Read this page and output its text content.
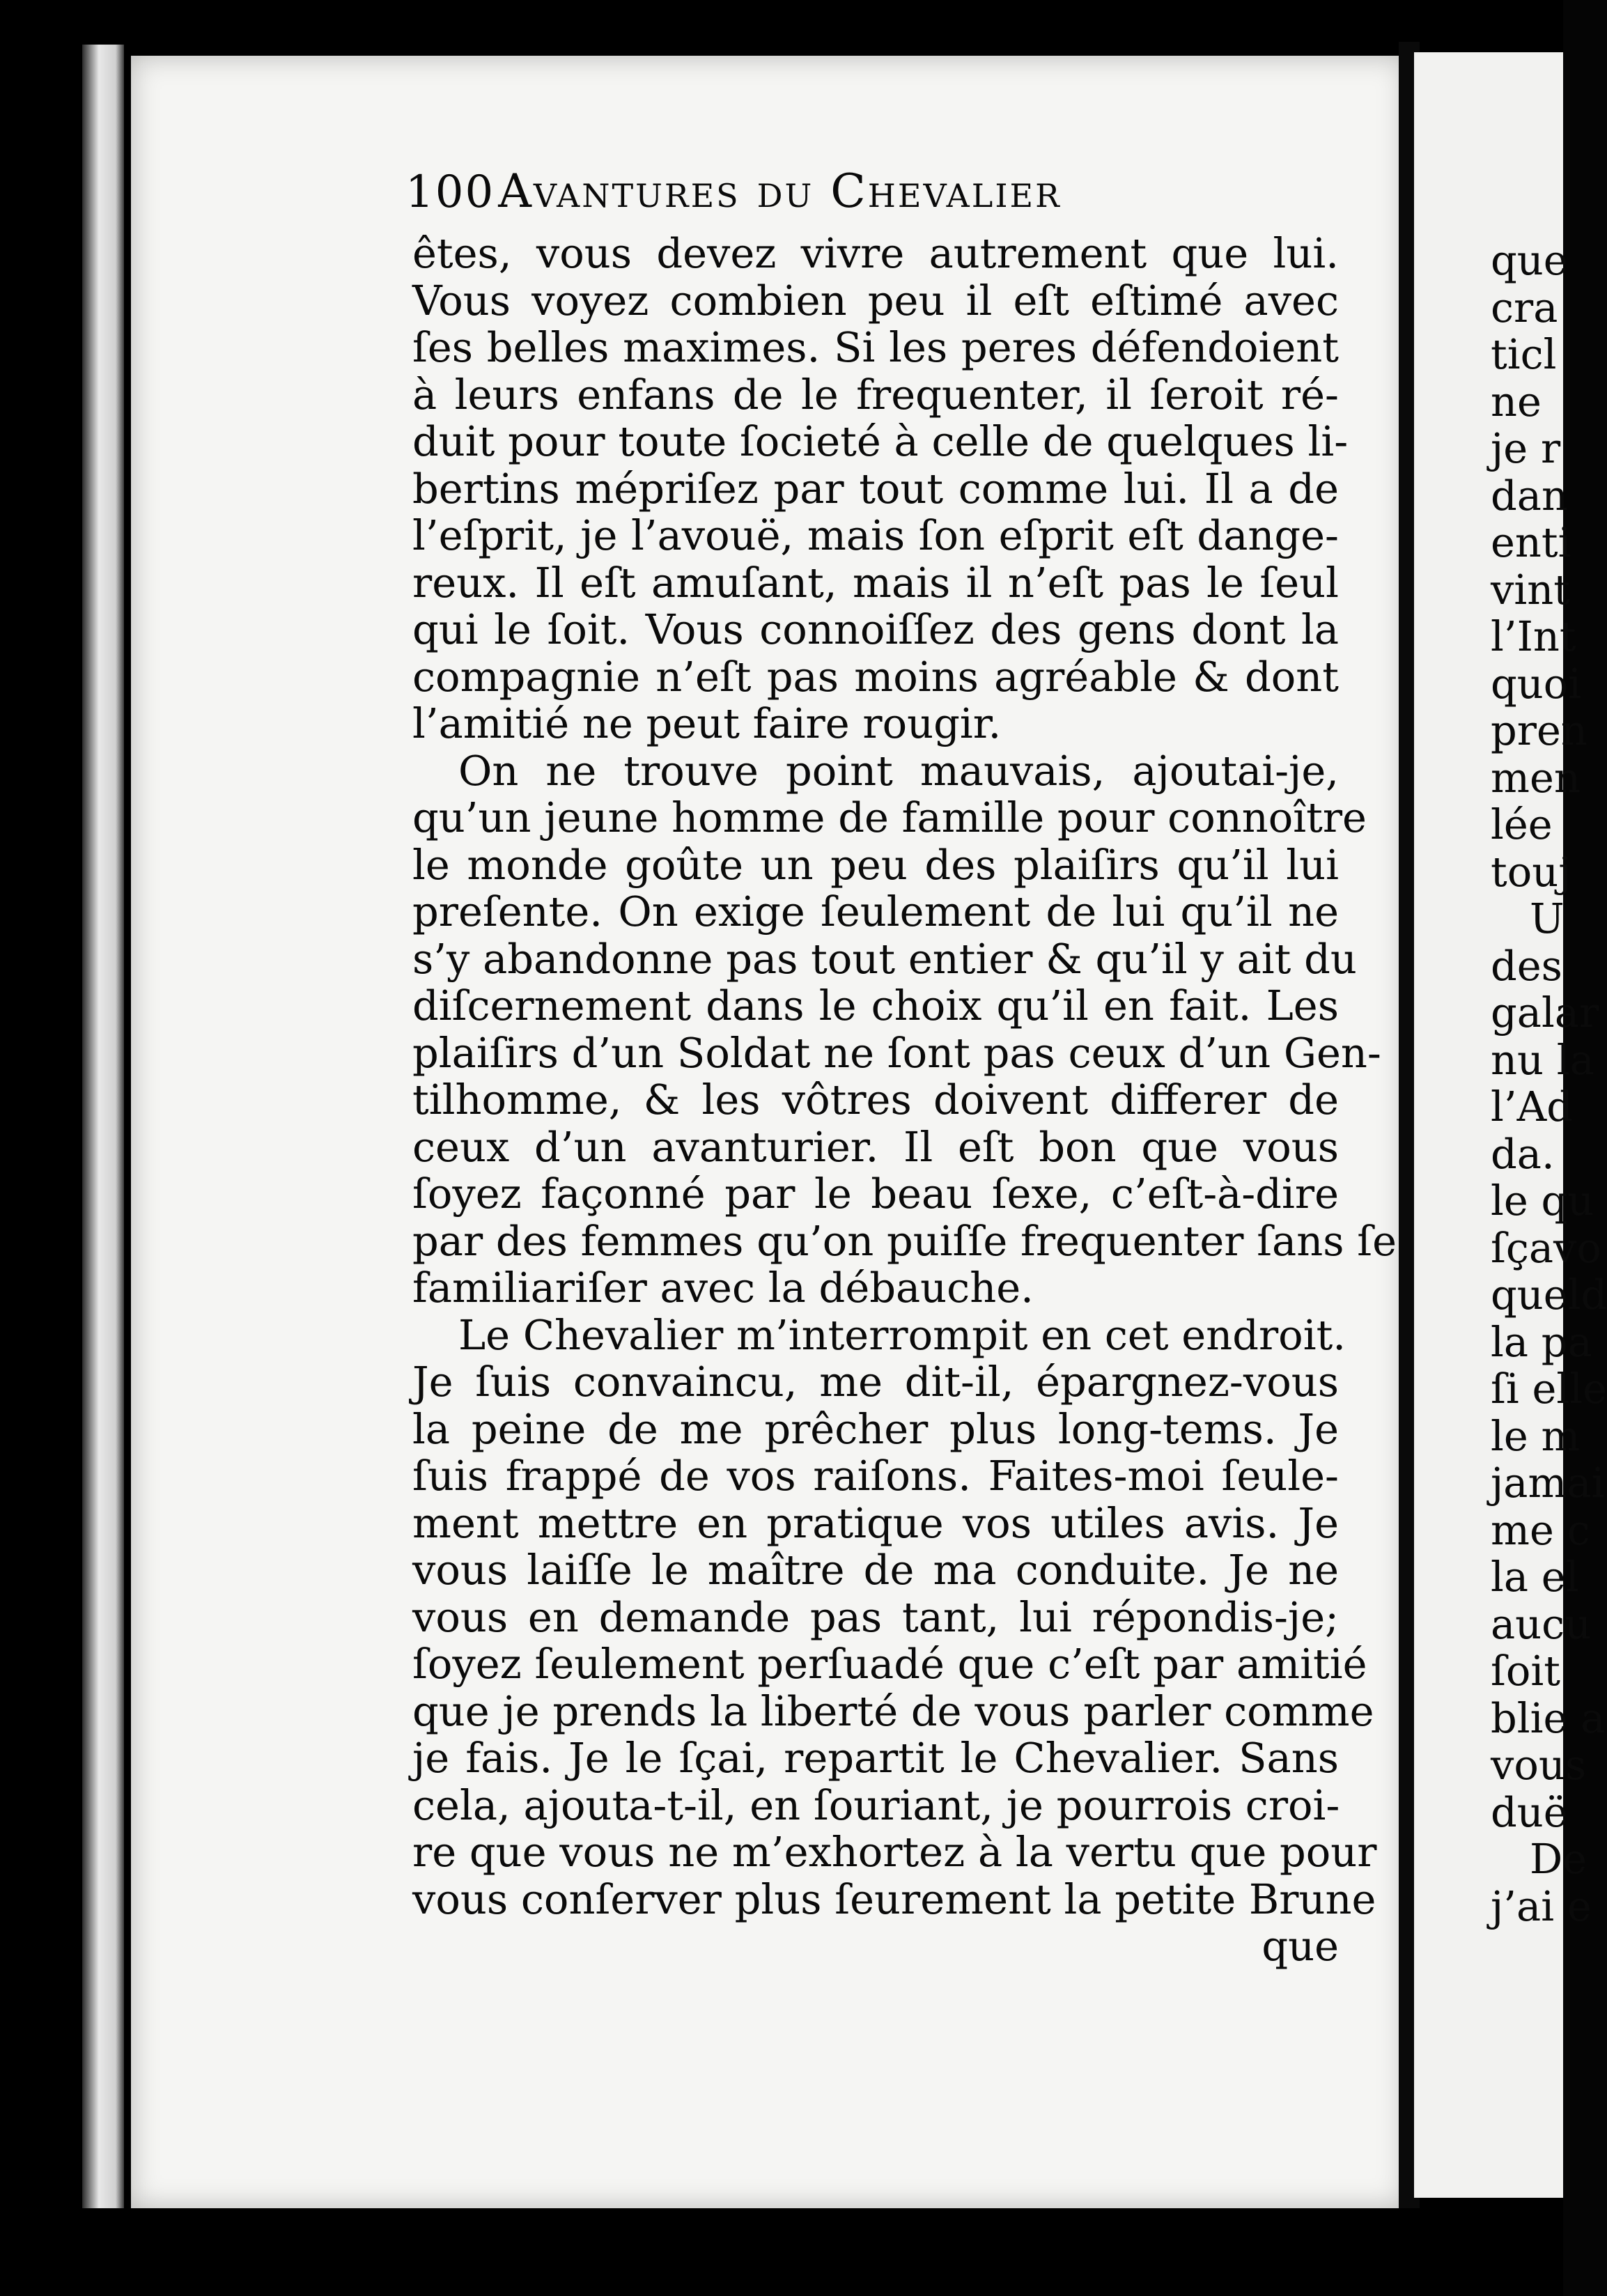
100 Avantures du Chevalier
êtes, vous devez vivre autrement que lui.
Vous voyez combien peu il eſt eſtimé avec
ſes belles maximes. Si les peres défendoient
à leurs enfans de le frequenter, il ſeroit ré-
duit pour toute ſocieté à celle de quelques li-
bertins mépriſez par tout comme lui. Il a de
l’eſprit, je l’avouë, mais ſon eſprit eſt dange-
reux. Il eſt amuſant, mais il n’eſt pas le ſeul
qui le ſoit. Vous connoiſſez des gens dont la
compagnie n’eſt pas moins agréable & dont
l’amitié ne peut faire rougir.
On ne trouve point mauvais, ajoutai-je,
qu’un jeune homme de famille pour connoître
le monde goûte un peu des plaiſirs qu’il lui
preſente. On exige ſeulement de lui qu’il ne
s’y abandonne pas tout entier & qu’il y ait du
diſcernement dans le choix qu’il en fait. Les
plaiſirs d’un Soldat ne ſont pas ceux d’un Gen-
tilhomme, & les vôtres doivent differer de
ceux d’un avanturier. Il eſt bon que vous
ſoyez façonné par le beau ſexe, c’eſt-à-dire
par des femmes qu’on puiſſe frequenter ſans ſe
familiariſer avec la débauche.
Le Chevalier m’interrompit en cet endroit.
Je ſuis convaincu, me dit-il, épargnez-vous
la peine de me prêcher plus long-tems. Je
ſuis frappé de vos raiſons. Faites-moi ſeule-
ment mettre en pratique vos utiles avis. Je
vous laiſſe le maître de ma conduite. Je ne
vous en demande pas tant, lui répondis-je;
ſoyez ſeulement perſuadé que c’eſt par amitié
que je prends la liberté de vous parler comme
je fais. Je le ſçai, repartit le Chevalier. Sans
cela, ajouta-t-il, en ſouriant, je pourrois croi-
re que vous ne m’exhortez à la vertu que pour
vous conſerver plus ſeurement la petite Brune
que
que
cra
ticl
ne
je r
dan
enti
vint
l’Int
quoi
pren
men
lée
touj
U
des
galar
nu la
l’Ad
da.
le qu
ſçavo
queld
la pa
ſi elle
le m
jamai
me c
la el
aucu
ſoit
blie a
vous
duë
De
j’ai e
